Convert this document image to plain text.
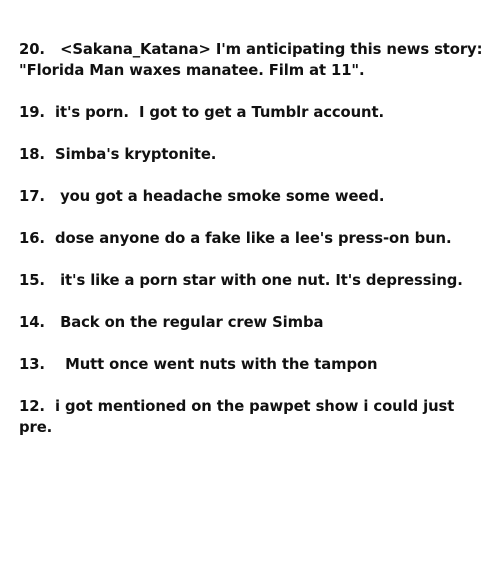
20.   <Sakana_Katana> I'm anticipating this news story: "Florida Man waxes manatee. Film at 11".
19.  it's porn.  I got to get a Tumblr account.
18.  Simba's kryptonite.
17.   you got a headache smoke some weed.
16.  dose anyone do a fake like a lee's press-on bun.
15.   it's like a porn star with one nut. It's depressing.
14.   Back on the regular crew Simba
13.    Mutt once went nuts with the tampon
12.  i got mentioned on the pawpet show i could just pre.
